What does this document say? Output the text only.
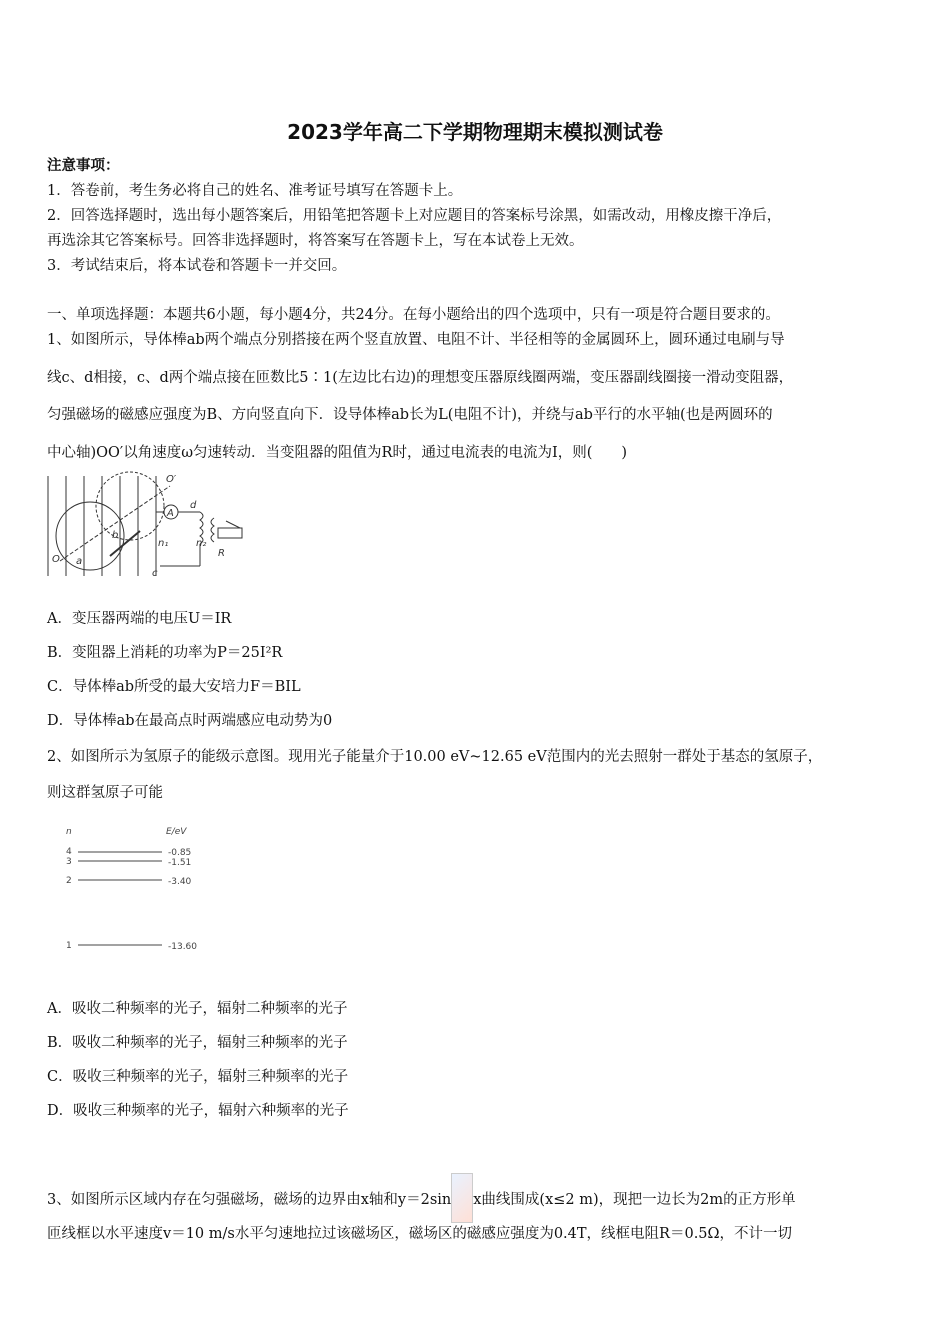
2023学年高二下学期物理期末模拟测试卷
注意事项：
1．答卷前，考生务必将自己的姓名、准考证号填写在答题卡上。
2．回答选择题时，选出每小题答案后，用铅笔把答题卡上对应题目的答案标号涂黑，如需改动，用橡皮擦干净后，
再选涂其它答案标号。回答非选择题时，将答案写在答题卡上，写在本试卷上无效。
3．考试结束后，将本试卷和答题卡一并交回。
一、单项选择题：本题共6小题，每小题4分，共24分。在每小题给出的四个选项中，只有一项是符合题目要求的。
1、如图所示，导体棒ab两个端点分别搭接在两个竖直放置、电阻不计、半径相等的金属圆环上，圆环通过电刷与导
线c、d相接，c、d两个端点接在匝数比5∶1(左边比右边)的理想变压器原线圈两端，变压器副线圈接一滑动变阻器，
匀强磁场的磁感应强度为B、方向竖直向下．设导体棒ab长为L(电阻不计)，并绕与ab平行的水平轴(也是两圆环的
中心轴)OO′以角速度ω匀速转动．当变阻器的阻值为R时，通过电流表的电流为I，则(　　)
O′
A
d
b
n₁	n₂
R
O a
c
A．变压器两端的电压U＝IR
B．变阻器上消耗的功率为P＝25I²R
C．导体棒ab所受的最大安培力F＝BIL
D．导体棒ab在最高点时两端感应电动势为0
2、如图所示为氢原子的能级示意图。现用光子能量介于10.00 eV~12.65 eV范围内的光去照射一群处于基态的氢原子，
则这群氢原子可能
n	E/eV
4
3
2
1
-0.85
-1.51
-3.40
-13.60
A．吸收二种频率的光子，辐射二种频率的光子
B．吸收二种频率的光子，辐射三种频率的光子
C．吸收三种频率的光子，辐射三种频率的光子
D．吸收三种频率的光子，辐射六种频率的光子
3、如图所示区域内存在匀强磁场，磁场的边界由x轴和y＝2sin x曲线围成(x≤2 m)，现把一边长为2m的正方形单
匝线框以水平速度v＝10 m/s水平匀速地拉过该磁场区，磁场区的磁感应强度为0.4T，线框电阻R＝0.5Ω，不计一切
